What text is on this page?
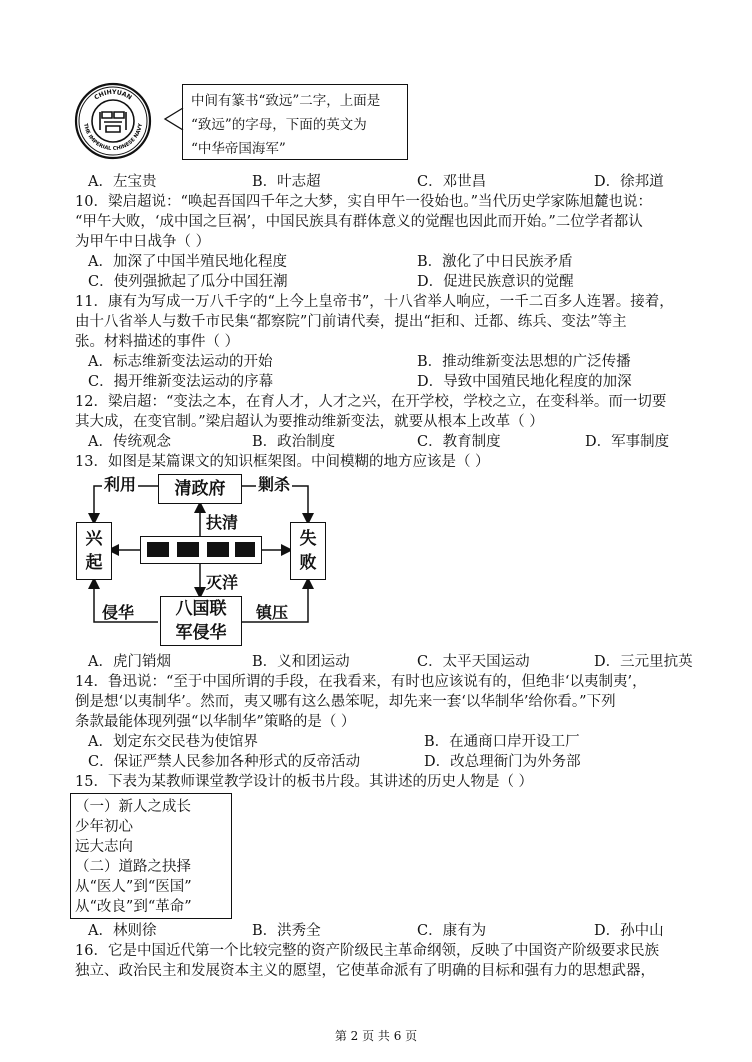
CHIHYUAN
THE IMPERIAL CHINESE NAVY
中间有篆书“致远”二字，上面是
“致远”的字母，下面的英文为
“中华帝国海军”
A．左宝贵	B．叶志超	C．邓世昌	D．徐邦道
10．梁启超说：“唤起吾国四千年之大梦，实自甲午一役始也。”当代历史学家陈旭麓也说：
“甲午大败，‘成中国之巨祸’，中国民族具有群体意义的觉醒也因此而开始。”二位学者都认
为甲午中日战争（ ）
A．加深了中国半殖民地化程度	B．激化了中日民族矛盾
C．使列强掀起了瓜分中国狂潮	D．促进民族意识的觉醒
11．康有为写成一万八千字的“上今上皇帝书”，十八省举人响应，一千二百多人连署。接着，
由十八省举人与数千市民集“都察院”门前请代奏，提出“拒和、迁都、练兵、变法”等主
张。材料描述的事件（ ）
A．标志维新变法运动的开始	B．推动维新变法思想的广泛传播
C．揭开维新变法运动的序幕	D．导致中国殖民地化程度的加深
12．梁启超：“变法之本，在育人才，人才之兴，在开学校，学校之立，在变科举。而一切要
其大成，在变官制。”梁启超认为要推动维新变法，就要从根本上改革（ ）
A．传统观念	B．政治制度	C．教育制度	D．军事制度
13．如图是某篇课文的知识框架图。中间模糊的地方应该是（ ）
清政府
兴
起
失
败
八国联
军侵华
利用	剿杀
扶清
灭洋
侵华	镇压
A．虎门销烟	B．义和团运动	C．太平天国运动	D．三元里抗英
14．鲁迅说：“至于中国所谓的手段，在我看来，有时也应该说有的，但绝非‘以夷制夷’，
倒是想‘以夷制华’。然而，夷又哪有这么愚笨呢，却先来一套‘以华制华’给你看。”下列
条款最能体现列强“以华制华”策略的是（ ）
A．划定东交民巷为使馆界	B．在通商口岸开设工厂
C．保证严禁人民参加各种形式的反帝活动	D．改总理衙门为外务部
15．下表为某教师课堂教学设计的板书片段。其讲述的历史人物是（ ）
（一）新人之成长
少年初心
远大志向
（二）道路之抉择
从“医人”到“医国”
从“改良”到“革命”
A．林则徐	B．洪秀全	C．康有为	D．孙中山
16．它是中国近代第一个比较完整的资产阶级民主革命纲领，反映了中国资产阶级要求民族
独立、政治民主和发展资本主义的愿望，它使革命派有了明确的目标和强有力的思想武器，
第 2 页 共 6 页
